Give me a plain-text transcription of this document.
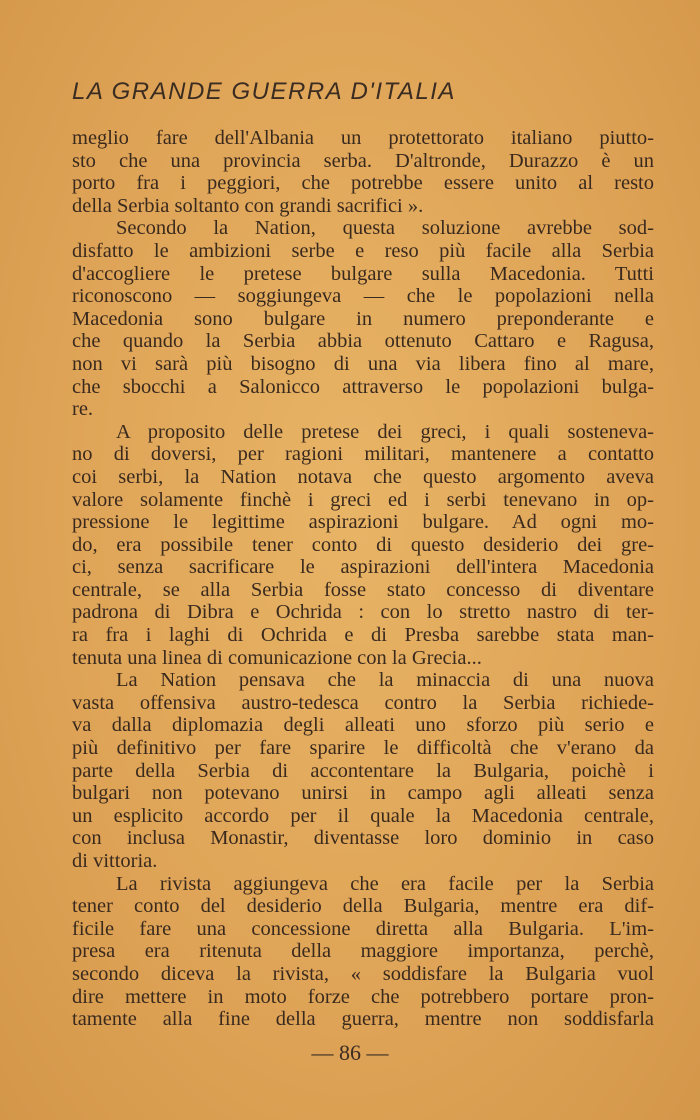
LA GRANDE GUERRA D'ITALIA
meglio fare dell'Albania un protettorato italiano piutto-
sto che una provincia serba. D'altronde, Durazzo è un
porto fra i peggiori, che potrebbe essere unito al resto
della Serbia soltanto con grandi sacrifici ».
Secondo la Nation, questa soluzione avrebbe sod-
disfatto le ambizioni serbe e reso più facile alla Serbia
d'accogliere le pretese bulgare sulla Macedonia. Tutti
riconoscono — soggiungeva — che le popolazioni nella
Macedonia sono bulgare in numero preponderante e
che quando la Serbia abbia ottenuto Cattaro e Ragusa,
non vi sarà più bisogno di una via libera fino al mare,
che sbocchi a Salonicco attraverso le popolazioni bulga-
re.
A proposito delle pretese dei greci, i quali sosteneva-
no di doversi, per ragioni militari, mantenere a contatto
coi serbi, la Nation notava che questo argomento aveva
valore solamente finchè i greci ed i serbi tenevano in op-
pressione le legittime aspirazioni bulgare. Ad ogni mo-
do, era possibile tener conto di questo desiderio dei gre-
ci, senza sacrificare le aspirazioni dell'intera Macedonia
centrale, se alla Serbia fosse stato concesso di diventare
padrona di Dibra e Ochrida : con lo stretto nastro di ter-
ra fra i laghi di Ochrida e di Presba sarebbe stata man-
tenuta una linea di comunicazione con la Grecia...
La Nation pensava che la minaccia di una nuova
vasta offensiva austro-tedesca contro la Serbia richiede-
va dalla diplomazia degli alleati uno sforzo più serio e
più definitivo per fare sparire le difficoltà che v'erano da
parte della Serbia di accontentare la Bulgaria, poichè i
bulgari non potevano unirsi in campo agli alleati senza
un esplicito accordo per il quale la Macedonia centrale,
con inclusa Monastir, diventasse loro dominio in caso
di vittoria.
La rivista aggiungeva che era facile per la Serbia
tener conto del desiderio della Bulgaria, mentre era dif-
ficile fare una concessione diretta alla Bulgaria. L'im-
presa era ritenuta della maggiore importanza, perchè,
secondo diceva la rivista, « soddisfare la Bulgaria vuol
dire mettere in moto forze che potrebbero portare pron-
tamente alla fine della guerra, mentre non soddisfarla
— 86 —
